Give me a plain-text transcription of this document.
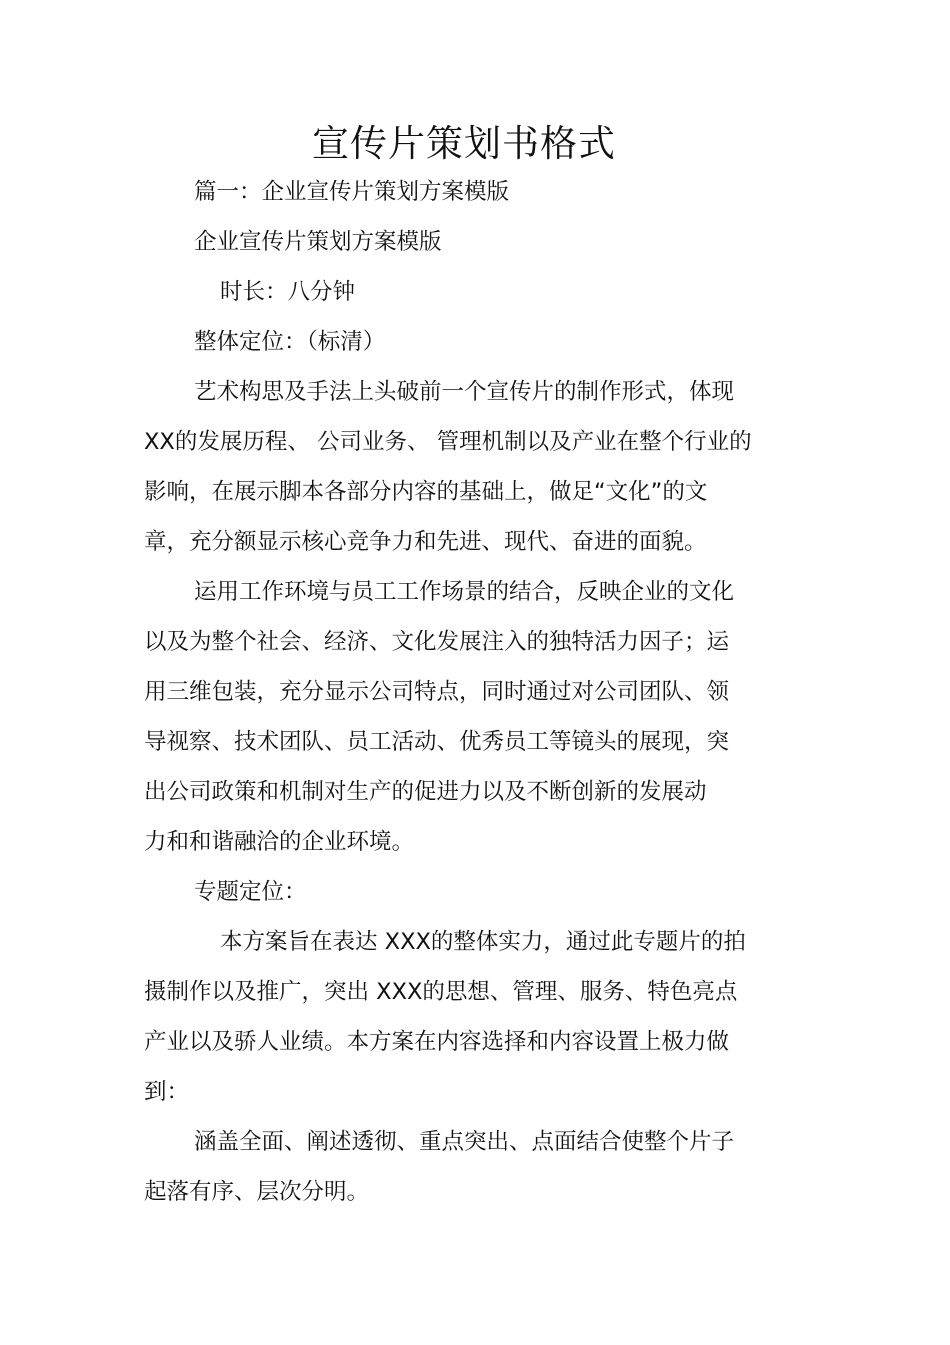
宣传片策划书格式
篇一：企业宣传片策划方案模版
企业宣传片策划方案模版
时长：八分钟
整体定位：（标清）
艺术构思及手法上头破前一个宣传片的制作形式，体现
XX的发展历程、 公司业务、 管理机制以及产业在整个行业的
影响，在展示脚本各部分内容的基础上，做足“文化”的文
章，充分额显示核心竞争力和先进、现代、奋进的面貌。
运用工作环境与员工工作场景的结合，反映企业的文化
以及为整个社会、经济、文化发展注入的独特活力因子；运
用三维包装，充分显示公司特点，同时通过对公司团队、领
导视察、技术团队、员工活动、优秀员工等镜头的展现，突
出公司政策和机制对生产的促进力以及不断创新的发展动
力和和谐融洽的企业环境。
专题定位：
本方案旨在表达 XXX的整体实力，通过此专题片的拍
摄制作以及推广，突出 XXX的思想、管理、服务、特色亮点
产业以及骄人业绩。本方案在内容选择和内容设置上极力做
到：
涵盖全面、阐述透彻、重点突出、点面结合使整个片子
起落有序、层次分明。
